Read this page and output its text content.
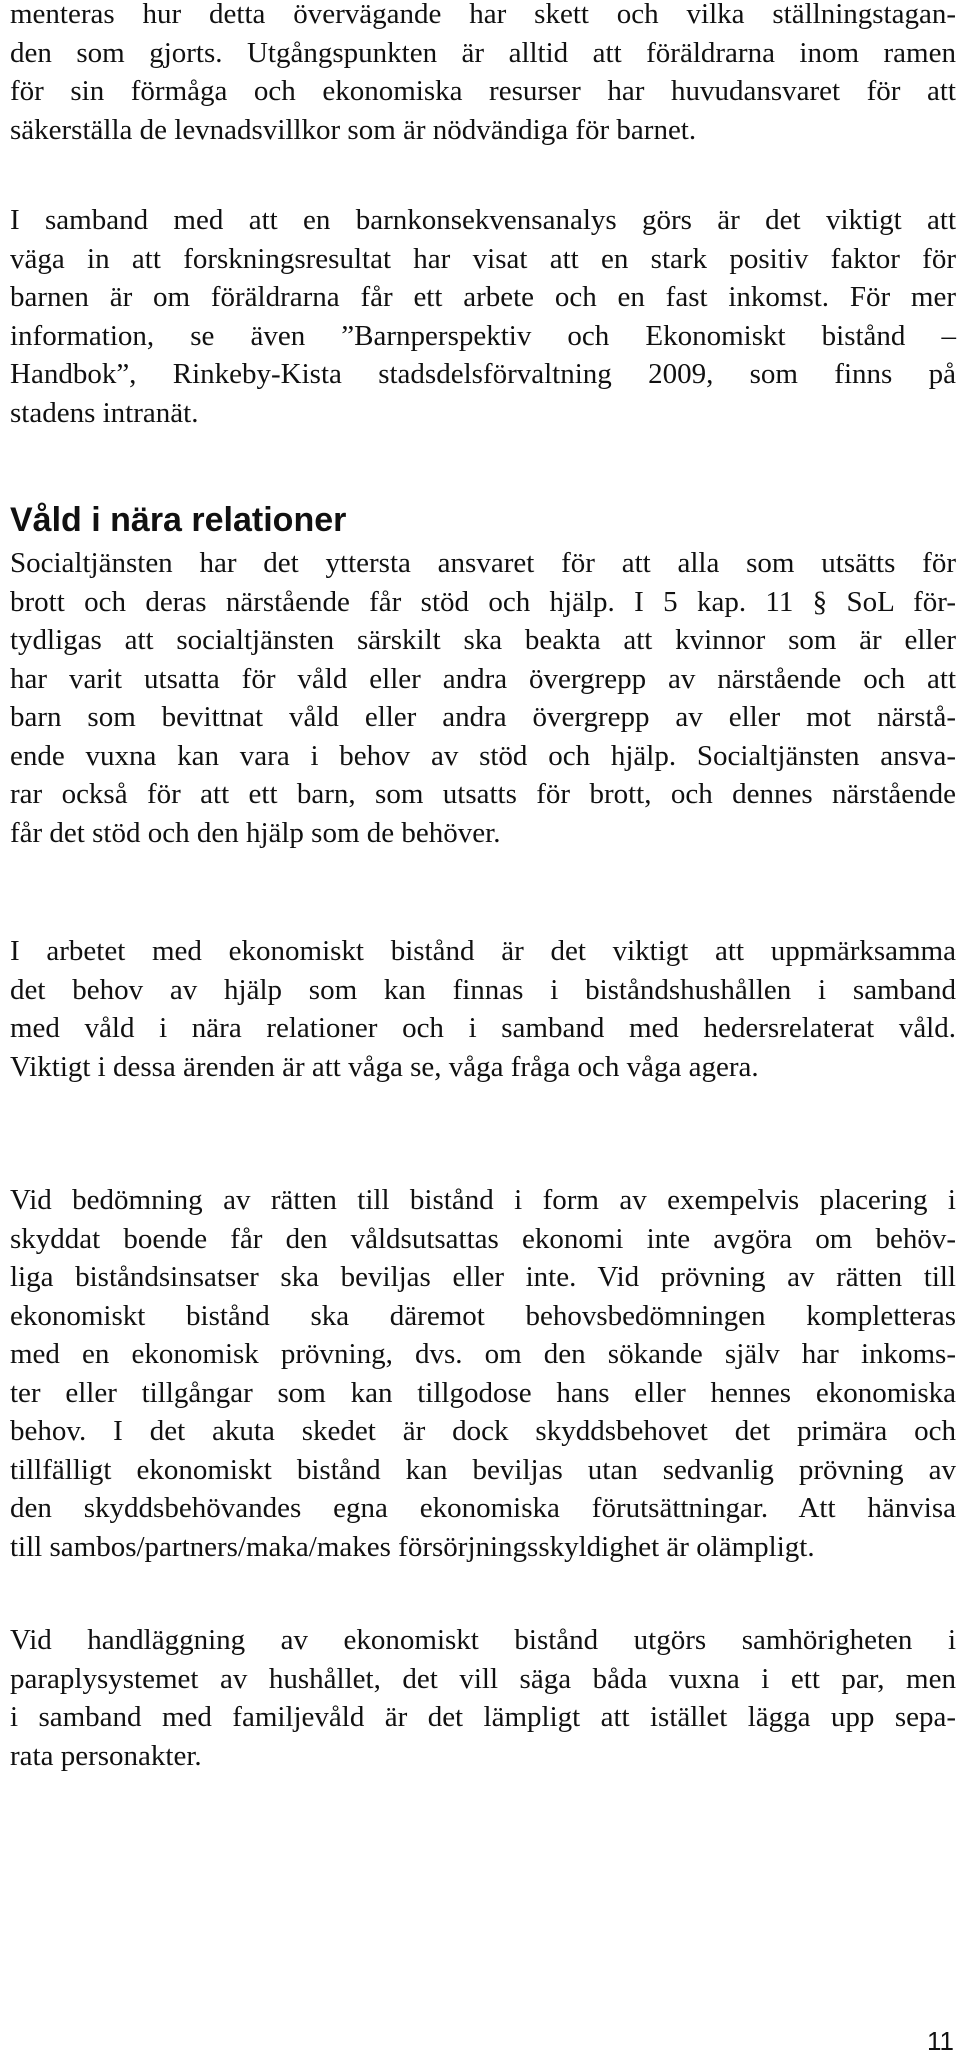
menteras hur detta övervägande har skett och vilka ställningstagan-
den som gjorts. Utgångspunkten är alltid att föräldrarna inom ramen
för sin förmåga och ekonomiska resurser har huvudansvaret för att
säkerställa de levnadsvillkor som är nödvändiga för barnet.

I samband med att en barnkonsekvensanalys görs är det viktigt att
väga in att forskningsresultat har visat att en stark positiv faktor för
barnen är om föräldrarna får ett arbete och en fast inkomst. För mer
information, se även ”Barnperspektiv och Ekonomiskt bistånd –
Handbok”, Rinkeby-Kista stadsdelsförvaltning 2009, som finns på
stadens intranät.

Våld i nära relationer

Socialtjänsten har det yttersta ansvaret för att alla som utsätts för
brott och deras närstående får stöd och hjälp. I 5 kap. 11 § SoL för-
tydligas att socialtjänsten särskilt ska beakta att kvinnor som är eller
har varit utsatta för våld eller andra övergrepp av närstående och att
barn som bevittnat våld eller andra övergrepp av eller mot närstå-
ende vuxna kan vara i behov av stöd och hjälp. Socialtjänsten ansva-
rar också för att ett barn, som utsatts för brott, och dennes närstående
får det stöd och den hjälp som de behöver.

I arbetet med ekonomiskt bistånd är det viktigt att uppmärksamma
det behov av hjälp som kan finnas i biståndshushållen i samband
med våld i nära relationer och i samband med hedersrelaterat våld.
Viktigt i dessa ärenden är att våga se, våga fråga och våga agera.

Vid bedömning av rätten till bistånd i form av exempelvis placering i
skyddat boende får den våldsutsattas ekonomi inte avgöra om behöv-
liga biståndsinsatser ska beviljas eller inte. Vid prövning av rätten till
ekonomiskt bistånd ska däremot behovsbedömningen kompletteras
med en ekonomisk prövning, dvs. om den sökande själv har inkoms-
ter eller tillgångar som kan tillgodose hans eller hennes ekonomiska
behov. I det akuta skedet är dock skyddsbehovet det primära och
tillfälligt ekonomiskt bistånd kan beviljas utan sedvanlig prövning av
den skyddsbehövandes egna ekonomiska förutsättningar. Att hänvisa
till sambos/partners/maka/makes försörjningsskyldighet är olämpligt.

Vid handläggning av ekonomiskt bistånd utgörs samhörigheten i
paraplysystemet av hushållet, det vill säga båda vuxna i ett par, men
i samband med familjevåld är det lämpligt att istället lägga upp sepa-
rata personakter.

11
